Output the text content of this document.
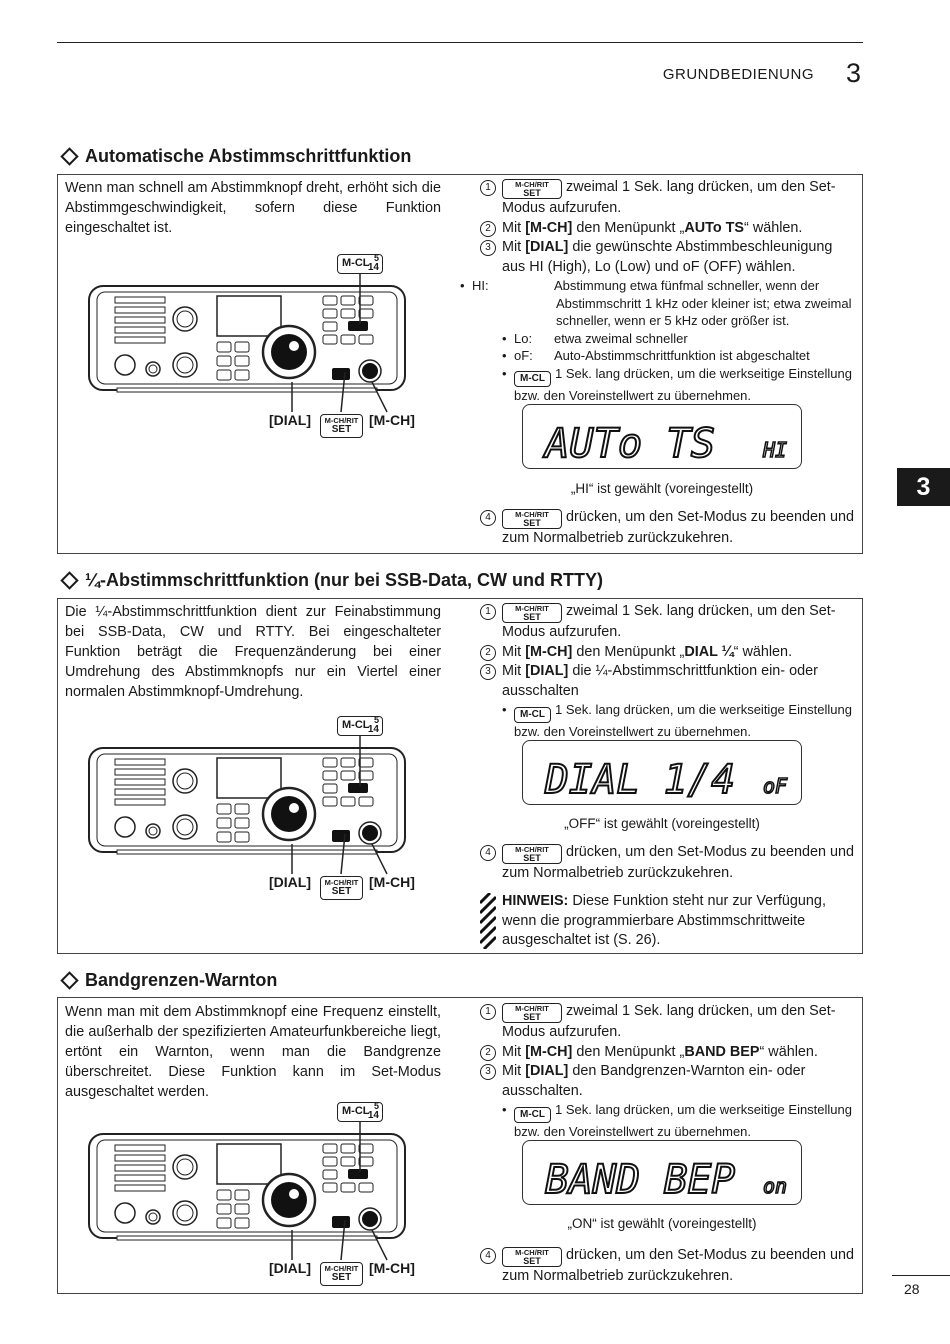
GRUNDBEDIENUNG 3
3
28
Automatische Abstimmschrittfunktion
Wenn man schnell am Abstimmknopf dreht, erhöht sich die Abstimmgeschwindigkeit, sofern diese Funktion eingeschaltet ist.
M-CL 5
14
[DIAL]	M-CH/RIT
SET
[M-CH]

1	M-CH/RIT
SET zweimal 1 Sek. lang drücken, um den Set-Modus aufzurufen.

2 Mit [M-CH] den Menüpunkt „AUTo TS“ wählen.

3 Mit [DIAL] die gewünschte Abstimmbeschleunigung aus HI (High), Lo (Low) und oF (OFF) wählen.

• HI:	Abstimmung etwa fünfmal schneller, wenn der Abstimmschritt 1 kHz oder kleiner ist; etwa zweimal schneller, wenn er 5 kHz oder größer ist.

• Lo: etwa zweimal schneller

• oF: Auto-Abstimmschrittfunktion ist abgeschaltet

• M-CL 1 Sek. lang drücken, um die werkseitige Einstellung bzw. den Voreinstellwert zu übernehmen.

AUTo TS HI
„HI“ ist gewählt (voreingestellt)

4	M-CH/RIT
SET drücken, um den Set-Modus zu beenden und zum Normalbetrieb zurückzukehren.

¼-Abstimmschrittfunktion (nur bei SSB-Data, CW und RTTY)
Die ¼-Abstimmschrittfunktion dient zur Feinabstimmung bei SSB-Data, CW und RTTY. Bei eingeschalteter Funktion beträgt die Frequenzänderung bei einer Umdrehung des Abstimmknopfs nur ein Viertel einer normalen Abstimmknopf-Umdrehung.
M-CL 5
14
[DIAL]	M-CH/RIT
SET
[M-CH]

1	M-CH/RIT
SET zweimal 1 Sek. lang drücken, um den Set-Modus aufzurufen.

2 Mit [M-CH] den Menüpunkt „DIAL ¼“ wählen.

3 Mit [DIAL] die ¼-Abstimmschrittfunktion ein- oder ausschalten

• M-CL 1 Sek. lang drücken, um die werkseitige Einstellung bzw. den Voreinstellwert zu übernehmen.

DIAL 1/4 oF
„OFF“ ist gewählt (voreingestellt)

4	M-CH/RIT
SET drücken, um den Set-Modus zu beenden und zum Normalbetrieb zurückzukehren.

HINWEIS: Diese Funktion steht nur zur Verfügung, wenn die programmierbare Abstimmschrittweite ausgeschaltet ist (S. 26).
Bandgrenzen-Warnton
Wenn man mit dem Abstimmknopf eine Frequenz einstellt, die außerhalb der spezifizierten Amateurfunkbereiche liegt, ertönt ein Warnton, wenn man die Bandgrenze überschreitet. Diese Funktion kann im Set-Modus ausgeschaltet werden.
M-CL 5
14
[DIAL]	M-CH/RIT
SET
[M-CH]

1	M-CH/RIT
SET zweimal 1 Sek. lang drücken, um den Set-Modus aufzurufen.

2 Mit [M-CH] den Menüpunkt „BAND BEP“ wählen.

3 Mit [DIAL] den Bandgrenzen-Warnton ein- oder ausschalten.

• M-CL 1 Sek. lang drücken, um die werkseitige Einstellung bzw. den Voreinstellwert zu übernehmen.

BAND BEP on
„ON“ ist gewählt (voreingestellt)

4	M-CH/RIT
SET drücken, um den Set-Modus zu beenden und zum Normalbetrieb zurückzukehren.
